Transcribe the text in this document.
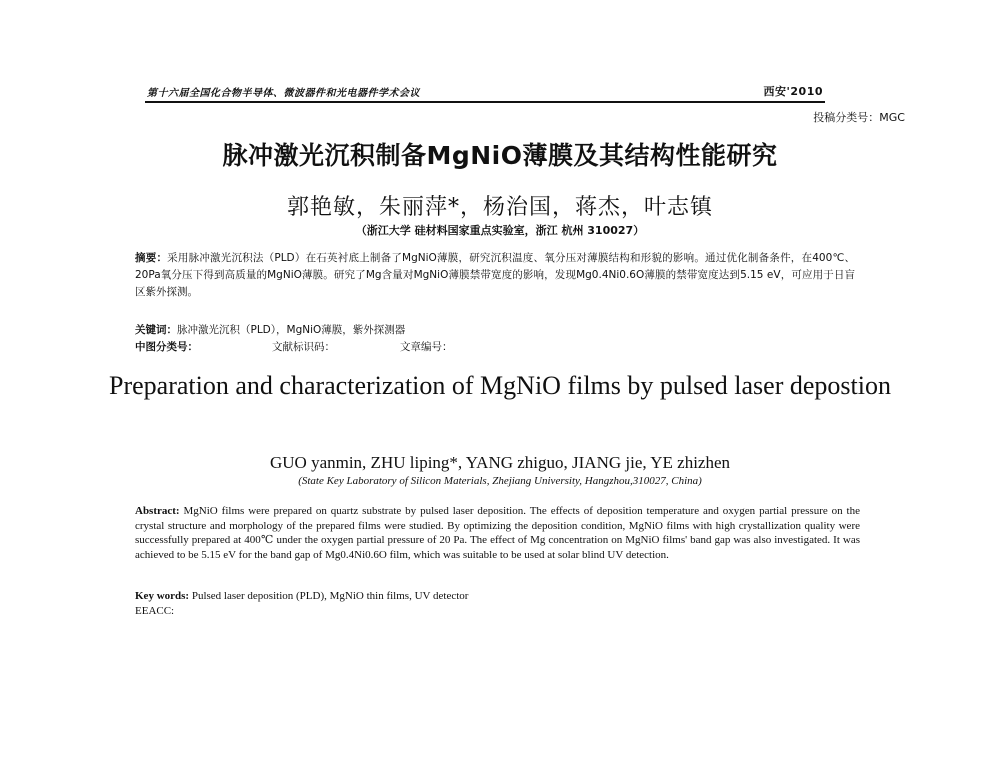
第十六届全国化合物半导体、微波器件和光电器件学术会议	西安'2010
投稿分类号：MGC
脉冲激光沉积制备MgNiO薄膜及其结构性能研究
郭艳敏，朱丽萍*，杨治国，蒋杰，叶志镇
（浙江大学 硅材料国家重点实验室，浙江 杭州 310027）
摘要：采用脉冲激光沉积法（PLD）在石英衬底上制备了MgNiO薄膜，研究沉积温度、氧分压对薄膜结构和形貌的影响。通过优化制备条件，在400℃、20Pa氧分压下得到高质量的MgNiO薄膜。研究了Mg含量对MgNiO薄膜禁带宽度的影响，发现Mg0.4Ni0.6O薄膜的禁带宽度达到5.15 eV，可应用于日盲区紫外探测。
关键词：脉冲激光沉积（PLD），MgNiO薄膜，紫外探测器
中图分类号：	文献标识码：	文章编号：
Preparation and characterization of MgNiO films by pulsed laser depostion
GUO yanmin, ZHU liping*, YANG zhiguo, JIANG jie, YE zhizhen
(State Key Laboratory of Silicon Materials, Zhejiang University, Hangzhou,310027, China)
Abstract: MgNiO films were prepared on quartz substrate by pulsed laser deposition. The effects of deposition temperature and oxygen partial pressure on the crystal structure and morphology of the prepared films were studied. By optimizing the deposition condition, MgNiO films with high crystallization quality were successfully prepared at 400℃ under the oxygen partial pressure of 20 Pa. The effect of Mg concentration on MgNiO films' band gap was also investigated. It was achieved to be 5.15 eV for the band gap of Mg0.4Ni0.6O film, which was suitable to be used at solar blind UV detection.
Key words: Pulsed laser deposition (PLD), MgNiO thin films, UV detector
EEACC:
